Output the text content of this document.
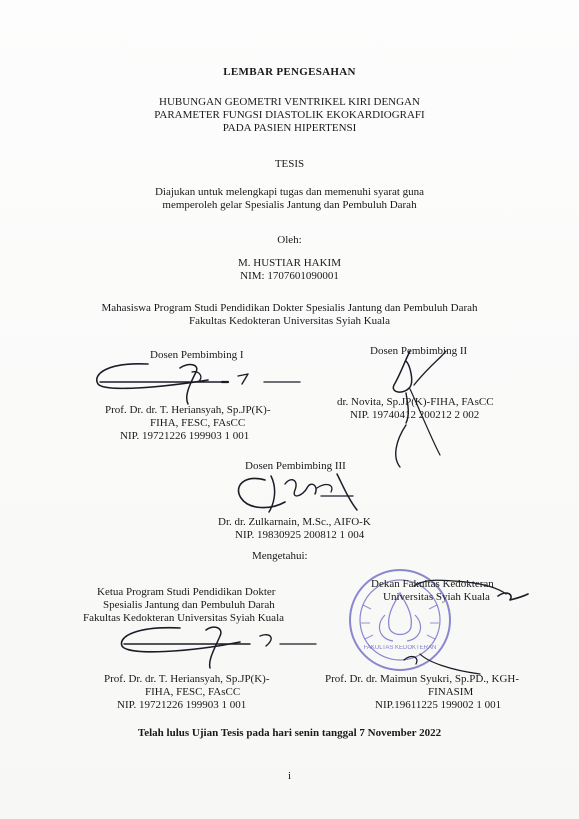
LEMBAR PENGESAHAN
HUBUNGAN GEOMETRI VENTRIKEL KIRI DENGAN
PARAMETER FUNGSI DIASTOLIK EKOKARDIOGRAFI
PADA PASIEN HIPERTENSI
TESIS
Diajukan untuk melengkapi tugas dan memenuhi syarat guna
memperoleh gelar Spesialis Jantung dan Pembuluh Darah
Oleh:
M. HUSTIAR HAKIM
NIM: 1707601090001
Mahasiswa Program Studi Pendidikan Dokter Spesialis Jantung dan Pembuluh Darah
Fakultas Kedokteran Universitas Syiah Kuala
Dosen Pembimbing I
Prof. Dr. dr. T. Heriansyah, Sp.JP(K)-
FIHA, FESC, FAsCC
NIP. 19721226 199903 1 001
Dosen Pembimbing II
dr. Novita, Sp.JP(K)-FIHA, FAsCC
NIP. 19740412 200212 2 002
Dosen Pembimbing III
Dr. dr. Zulkarnain, M.Sc., AIFO-K
NIP. 19830925 200812 1 004
Mengetahui:
Ketua Program Studi Pendidikan Dokter
Spesialis Jantung dan Pembuluh Darah
Fakultas Kedokteran Universitas Syiah Kuala
Prof. Dr. dr. T. Heriansyah, Sp.JP(K)-
FIHA, FESC, FAsCC
NIP. 19721226 199903 1 001
FAKULTAS KEDOKTERAN
Dekan Fakultas Kedokteran
Universitas Syiah Kuala
Prof. Dr. dr. Maimun Syukri, Sp.PD., KGH-
FINASIM
NIP.19611225 199002 1 001
Telah lulus Ujian Tesis pada hari senin tanggal 7 November 2022
i
